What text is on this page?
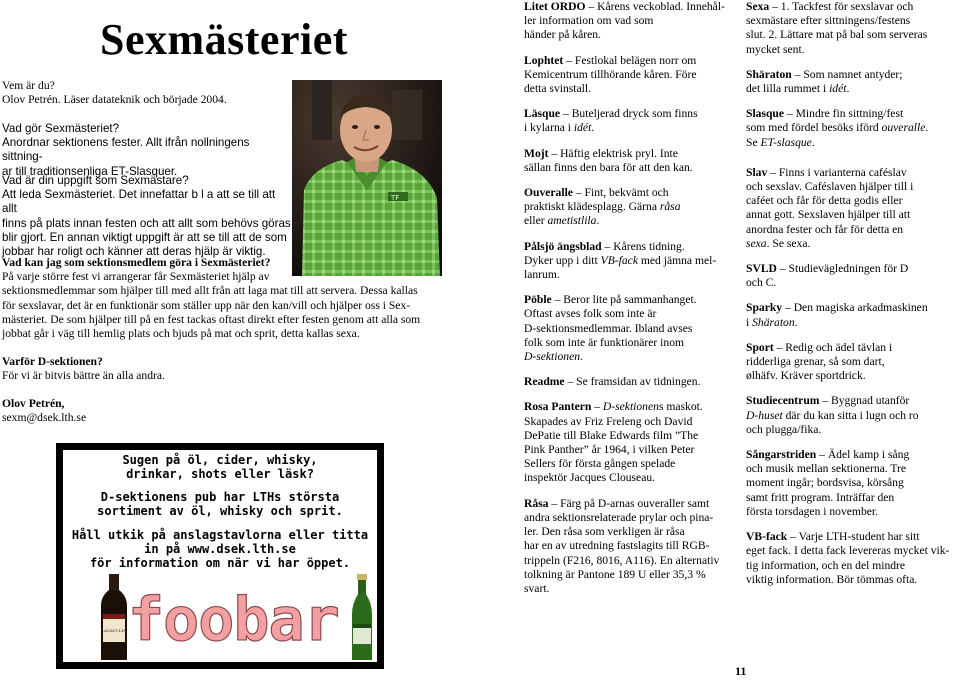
Sexmästeriet
Vem är du?
Olov Petrén. Läser datateknik och började 2004.
Vad gör Sexmästeriet?
Anordnar sektionens fester. Allt ifrån nollningens sittning-
ar till traditionsenliga ET-Slasquer.
Vad är din uppgift som Sexmästare?
Att leda Sexmästeriet. Det innefattar b l a att se till att allt
finns på plats innan festen och att allt som behövs göras
blir gjort. En annan viktigt uppgift är att se till att de som
jobbar har roligt och känner att deras hjälp är viktig.
Vad kan jag som sektionsmedlem göra i Sexmästeriet?
På varje större fest vi arrangerar får Sexmästeriet hjälp av
sektionsmedlemmar som hjälper till med allt från att laga mat till att servera. Dessa kallas
för sexslavar, det är en funktionär som ställer upp när den kan/vill och hjälper oss i Sex-
mästeriet. De som hjälper till på en fest tackas oftast direkt efter festen genom att alla som
jobbat går i väg till hemlig plats och bjuds på mat och sprit, detta kallas sexa.
Varför D-sektionen?
För vi är bitvis bättre än alla andra.
Olov Petrén,
sexm@dsek.lth.se
TF
Sugen på öl, cider, whisky,
drinkar, shots eller läsk?
D-sektionens pub har LTHs största
sortiment av öl, whisky och sprit.
Håll utkik på anslagstavlorna eller titta
in på www.dsek.lth.se
för information om när vi har öppet.
LAGAVULIN foobar
Litet ORDO – Kårens veckoblad. Innehål-
ler information om vad som
händer på kåren.
Lophtet – Festlokal belägen norr om
Kemicentrum tillhörande kåren. Före
detta svinstall.
Läsque – Buteljerad dryck som finns
i kylarna i idét.
Mojt – Häftig elektrisk pryl. Inte
sällan finns den bara för att den kan.
Ouveralle – Fint, bekvämt och
praktiskt klädesplagg. Gärna råsa
eller ametistlila.
Pålsjö ängsblad – Kårens tidning.
Dyker upp i ditt VB-fack med jämna mel-
lanrum.
Pöble – Beror lite på sammanhanget.
Oftast avses folk som inte är
D-sektionsmedlemmar. Ibland avses
folk som inte är funktionärer inom
D-sektionen.
Readme – Se framsidan av tidningen.
Rosa Pantern – D-sektionens maskot.
Skapades av Friz Freleng och David
DePatie till Blake Edwards film ”The
Pink Panther” år 1964, i vilken Peter
Sellers för första gången spelade
inspektör Jacques Clouseau.
Råsa – Färg på D-arnas ouveraller samt
andra sektionsrelaterade prylar och pina-
ler. Den råsa som verkligen är råsa
har en av utredning fastslagits till RGB-
trippeln (F216, 8016, A116). En alternativ
tolkning är Pantone 189 U eller 35,3 %
svart.
Sexa – 1. Tackfest för sexslavar och
sexmästare efter sittningens/festens
slut. 2. Lättare mat på bal som serveras
mycket sent.
Shäraton – Som namnet antyder;
det lilla rummet i idét.
Slasque – Mindre fin sittning/fest
som med fördel besöks iförd ouveralle.
Se ET-slasque.
Slav – Finns i varianterna caféslav
och sexslav. Caféslaven hjälper till i
caféet och får för detta godis eller
annat gott. Sexslaven hjälper till att
anordna fester och får för detta en
sexa. Se sexa.
SVLD – Studievägledningen för D
och C.
Sparky – Den magiska arkadmaskinen
i Shäraton.
Sport – Redig och ädel tävlan i
ridderliga grenar, så som dart,
ølhäfv. Kräver sportdrick.
Studiecentrum – Byggnad utanför
D-huset där du kan sitta i lugn och ro
och plugga/fika.
Sångarstriden – Ädel kamp i sång
och musik mellan sektionerna. Tre
moment ingår; bordsvisa, körsång
samt fritt program. Inträffar den
första torsdagen i november.
VB-fack – Varje LTH-student har sitt
eget fack. I detta fack levereras mycket vik-
tig information, och en del mindre
viktig information. Bör tömmas ofta.
11
